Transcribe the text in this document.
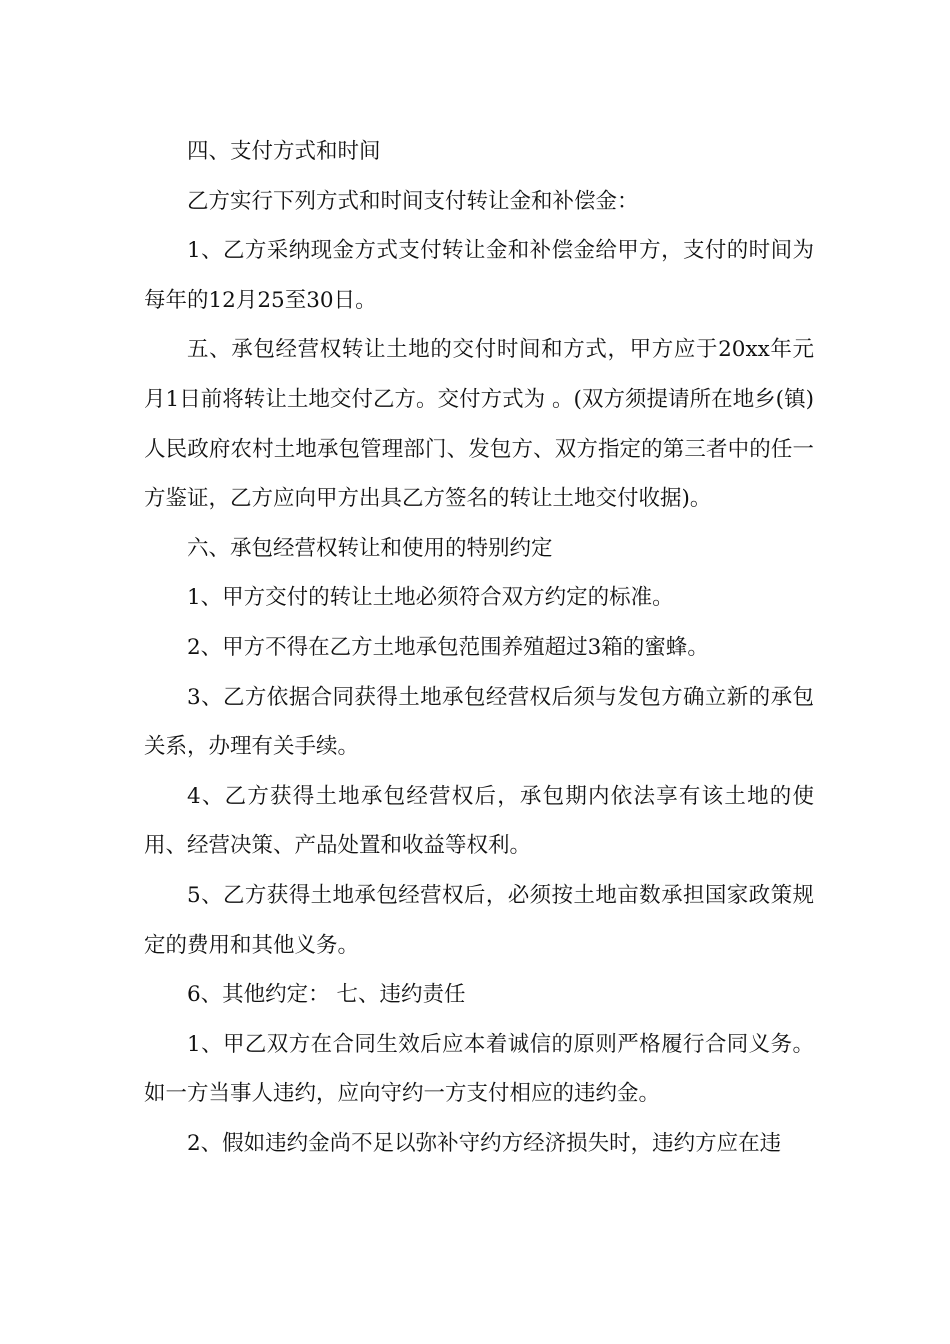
四、支付方式和时间

乙方实行下列方式和时间支付转让金和补偿金：

1、乙方采纳现金方式支付转让金和补偿金给甲方，支付的时间为每年的12月25至30日。

五、承包经营权转让土地的交付时间和方式，甲方应于20xx年元月1日前将转让土地交付乙方。交付方式为 。(双方须提请所在地乡(镇)人民政府农村土地承包管理部门、发包方、双方指定的第三者中的任一方鉴证，乙方应向甲方出具乙方签名的转让土地交付收据)。

六、承包经营权转让和使用的特别约定

1、甲方交付的转让土地必须符合双方约定的标准。

2、甲方不得在乙方土地承包范围养殖超过3箱的蜜蜂。

3、乙方依据合同获得土地承包经营权后须与发包方确立新的承包关系，办理有关手续。

4、乙方获得土地承包经营权后，承包期内依法享有该土地的使用、经营决策、产品处置和收益等权利。

5、乙方获得土地承包经营权后，必须按土地亩数承担国家政策规定的费用和其他义务。

6、其他约定： 七、违约责任

1、甲乙双方在合同生效后应本着诚信的原则严格履行合同义务。如一方当事人违约，应向守约一方支付相应的违约金。

2、假如违约金尚不足以弥补守约方经济损失时，违约方应在违
